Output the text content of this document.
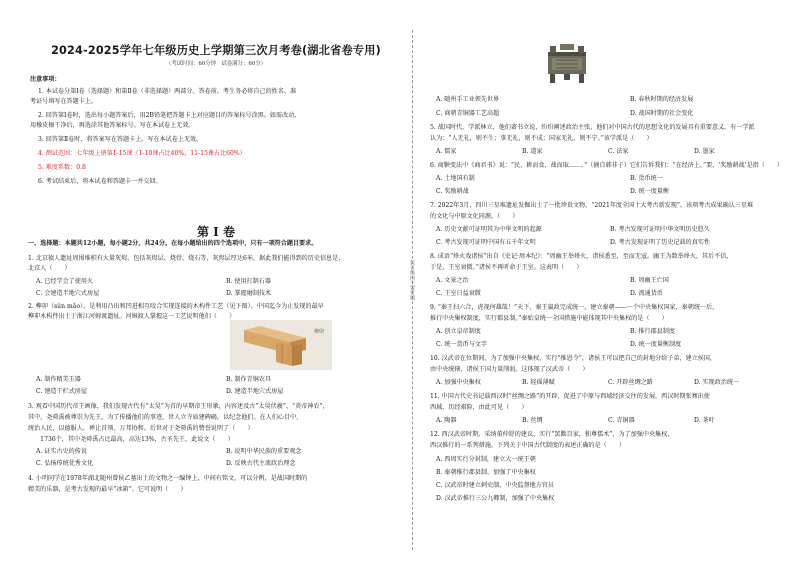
2024-2025学年七年级历史上学期第三次月考卷(湖北省卷专用)
（考试时间：60分钟　试卷满分：60分）
注意事项：
1. 本试卷分第Ⅰ卷（选择题）和第Ⅱ卷（非选择题）两部分。答卷前，考生务必将自己的姓名、准
考证号填写在答题卡上。
2. 回答第Ⅰ卷时，选出每小题答案后，用2B铅笔把答题卡上对应题目的答案标号涂黑。如需改动，
用橡皮擦干净后，再选涂其他答案标号。写在本试卷上无效。
3. 回答第Ⅱ卷时，将答案写在答题卡上。写在本试卷上无效。
4. 测试范围：七年级上册第1-15课（1-10课占比40%，11-15课占比60%）
5. 难度系数：0.8
6. 考试结束后，将本试卷和答题卡一并交回。
第 Ⅰ 卷
一、选择题：本题共12小题，每小题2分，共24分。在每小题给出的四个选项中，只有一项符合题目要求。
1. 北京猿人遗址周围堆积有大量灰烬，包括灰烬层、烧骨、烧石等，灰烬层厚达6米。据此我们能得到的历史信息是，
北京人（　　）
A. 已经学会了使用火	B. 使用打制石器
C. 会建造半地穴式房屋	D. 掌握磨制技术
2. 榫卯（sǔn mǎo），是利用凸出和凹进相互咬合实现连接的木构件工艺（见下图）。中国迄今为止发现的最早
榫卯木构件出土于浙江河姆渡遗址。河姆渡人掌握这一工艺说明他们（　　）
榫卯
A. 制作精美玉器	B. 制作青铜农具
C. 建造干栏式房屋	D. 建造半地穴式房屋
3. 观看中国历代帝王画像，我们发现古代有“太昊”为首的早期帝王形象，内容述及古“太昊伏羲”、“炎帝神农”，
其中，尧舜禹被尊崇为先王，为了传播他们的事迹，世人立寺庙建碑碣，以纪念他们。在人们心目中，
统治人民，以德服人，禅让首领，万邦协和。后世对于尧舜禹的赞誉说明了（　　）
　　1736个，其中尧舜禹占比最高，高达13%，古圣先王，此说文（　　）
A. 证实古史的传说	B. 说明中华民族的重要观念
C. 弘扬传统优秀文化	D. 反映古代主流政治理念
4. 小明同学在1978年湖北随州曾侯乙墓出土的文物之一编钟上，中间有铭文，可以分辨，是战国时期的
精美的乐器，是考古发现的最早“冰箱”。它可说明（　　）
装订线内不要答题
A. 随州手工业领先世界	B. 春秋时期的经济发展
C. 商朝青铜器工艺高超	D. 战国时期的社会变化
5. 战国时代，学派林立，他们著书立说，纷纷阐述政治主张，他们对中国古代的思想文化的发展具有重要意义。有一学派
认为：“人无礼，则不生；事无礼，则不成；国家无礼，则不宁。”该学派是（　　）
A. 儒家	B. 道家	C. 法家	D. 墨家
6. 商鞅变法中《商君书》说：“民，耕而食，战而取……。”（摘自韩非子）它们告诉我们：“在经济上，”要，‘奖励耕战’是指（　　）
A. 土地国有制	B. 货币统一
C. 奖励耕战	D. 统一度量衡
7. 2022年3月，四川三星堆遗址发掘出土了一批珍贵文物，“2021年度全国十大考古新发现”。该项考古成果确认三星堆
的文化与中原文化同源。（　　）
A. 历史文献可证明其为中华文明的起源	B. 考古发现可证明中华文明历史悠久
C. 考古发现可证明中国有五千年文明	D. 考古发现证明了历史记载的真实性
8. 成语“烽火戏诸侯”出自《史记·周本纪》：“周幽王举烽火，诸侯悉至，至而无寇。幽王为数举烽火，其后不信，
于是，王室衰微。”诸侯不再听命于王室。这表明（　　）
A. 文景之治	B. 周幽王亡国
C. 王室日益衰微	D. 流通货币
9. “秦王扫六合，虎视何雄哉！”天下，秦王嬴政完成统一，建立秦朝——一个中央集权国家，秦朝统一后，
推行中央集权制度，实行郡县制。”秦始皇统一全国措施中能体现其中央集权的是（　　）
A. 创立皇帝制度	B. 推行郡县制度
C. 统一货币与文字	D. 统一度量衡制度
10. 汉武帝在位期间，为了加强中央集权，实行“推恩令”，诸侯王可以把自己的封地分给子弟，建立侯国，
由中央统辖，诸侯王国力量削弱。这体现了汉武帝（　　）
A. 加强中央集权	B. 轻徭薄赋	C. 开辟丝绸之路	D. 实现政治统一
11. 中国古代史书记载西汉时“丝绸之路”的开辟，促进了中原与西域经济交往的发展，西汉时期张骞出使
西域，历经艰险，由此可见（　　）
A. 陶器	B. 丝绸	C. 青铜器	D. 茶叶
12. 西汉武帝时期，采纳董仲舒的建议，实行“罢黜百家，独尊儒术”，为了加强中央集权，
西汉推行的一系列措施。下列关于中国古代制度的表述正确的是（　　）
A. 西周实行分封制，建立大一统王朝
B. 秦朝推行郡县制，加强了中央集权
C. 汉武帝时建立刺史制，中央监督地方官员
D. 汉武帝推行三公九卿制，加强了中央集权
